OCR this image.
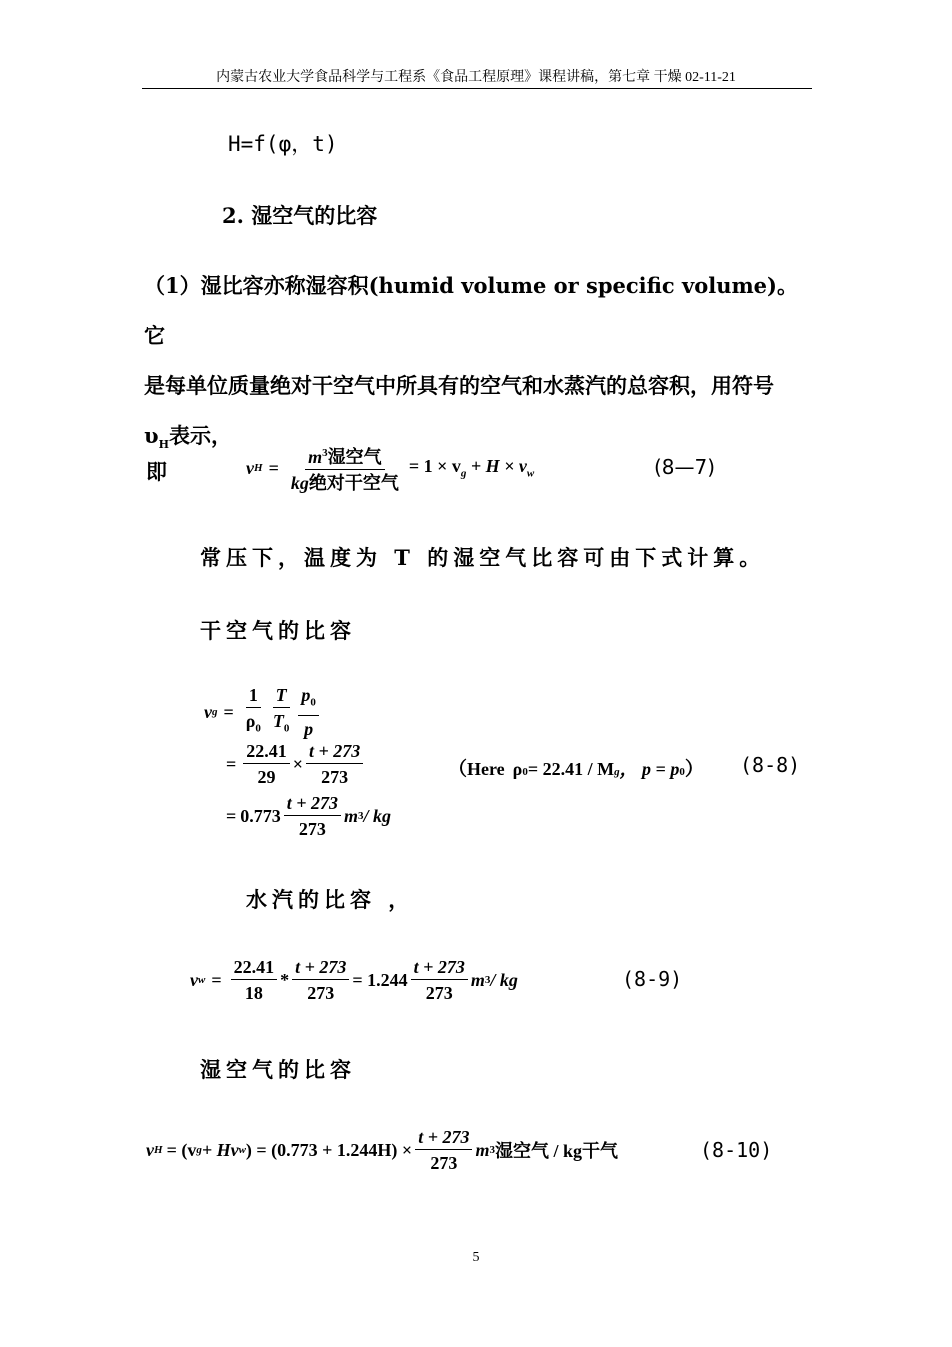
内蒙古农业大学食品科学与工程系《食品工程原理》课程讲稿，第七章 干燥 02-11-21
H=f(φ，t)
2. 湿空气的比容
（1）湿比容亦称湿容积(humid volume or specific volume)。它
是每单位质量绝对干空气中所具有的空气和水蒸汽的总容积，用符号
$\upsilon_H$表示，
即	v $H = \frac{m^3湿空气}{\text{kg绝对干空气}} = 1 \times v_g + H \times v_w$	(8—7)
常压下，温度为 T 的湿空气比容可由下式计算。
干空气的比容
v $g = \frac{1}{\rho_0} \frac{T}{T_0} \frac{p_0}{p}$
= $\frac{22.41}{29} \times \frac{t + 273}{273}$
= $0.773 \frac{t + 273}{273}$ m 3 / kg
（ Here ρ 0 = 22.41 / M g ， $p = p_0$ ） (8-8)
水汽的比容 ，
v $w = \frac{22.41}{18} * \frac{t + 273}{273} = 1.244 \frac{t + 273}{273}$ m 3 / kg	(8-9)
湿空气的比容
v H = (v g + Hv w ) = $(0.773 + 1.244H) \times \frac{t + 273}{273}$ m 3 湿空气 / kg干气	(8-10)
5
